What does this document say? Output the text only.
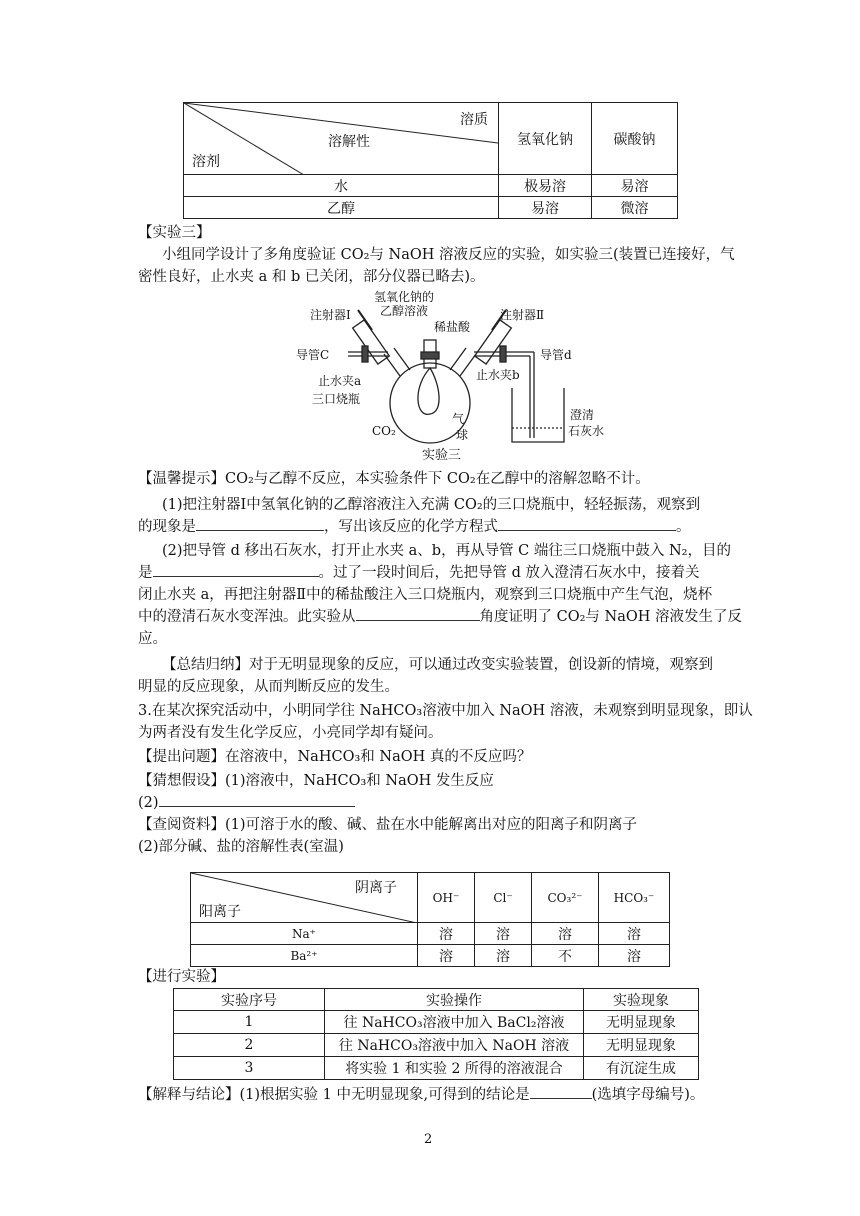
溶质
溶解性
溶剂	氢氧化钠	碳酸钠
水	极易溶	易溶
乙醇	易溶	微溶
【实验三】
小组同学设计了多角度验证 CO₂与 NaOH 溶液反应的实验，如实验三(装置已连接好，气
密性良好，止水夹 a 和 b 已关闭，部分仪器已略去)。
注射器Ⅰ
氢氧化钠的
乙醇溶液	注射器Ⅱ
稀盐酸
导管C
止水夹a
三口烧瓶
CO₂
气
球
止水夹b
导管d
澄清
石灰水
实验三
【温馨提示】CO₂与乙醇不反应，本实验条件下 CO₂在乙醇中的溶解忽略不计。
(1)把注射器Ⅰ中氢氧化钠的乙醇溶液注入充满 CO₂的三口烧瓶中，轻轻振荡，观察到
的现象是	，写出该反应的化学方程式	。
(2)把导管 d 移出石灰水，打开止水夹 a、b，再从导管 C 端往三口烧瓶中鼓入 N₂，目的
是	。过了一段时间后，先把导管 d 放入澄清石灰水中，接着关
闭止水夹 a，再把注射器Ⅱ中的稀盐酸注入三口烧瓶内，观察到三口烧瓶中产生气泡，烧杯
中的澄清石灰水变浑浊。此实验从	角度证明了 CO₂与 NaOH 溶液发生了反
应。
【总结归纳】对于无明显现象的反应，可以通过改变实验装置，创设新的情境，观察到
明显的反应现象，从而判断反应的发生。
3.在某次探究活动中，小明同学往 NaHCO₃溶液中加入 NaOH 溶液，未观察到明显现象，即认
为两者没有发生化学反应，小亮同学却有疑问。
【提出问题】在溶液中，NaHCO₃和 NaOH 真的不反应吗？
【猜想假设】(1)溶液中，NaHCO₃和 NaOH 发生反应
(2)
【查阅资料】(1)可溶于水的酸、碱、盐在水中能解离出对应的阳离子和阴离子
(2)部分碱、盐的溶解性表(室温)
阴离子
阳离子	OH⁻	Cl⁻	CO₃²⁻	HCO₃⁻
Na⁺	溶	溶	溶	溶
Ba²⁺	溶	溶	不	溶
【进行实验】
实验序号	实验操作	实验现象
1	往 NaHCO₃溶液中加入 BaCl₂溶液	无明显现象
2	往 NaHCO₃溶液中加入 NaOH 溶液	无明显现象
3	将实验 1 和实验 2 所得的溶液混合	有沉淀生成
【解释与结论】(1)根据实验 1 中无明显现象,可得到的结论是	(选填字母编号)。
2
